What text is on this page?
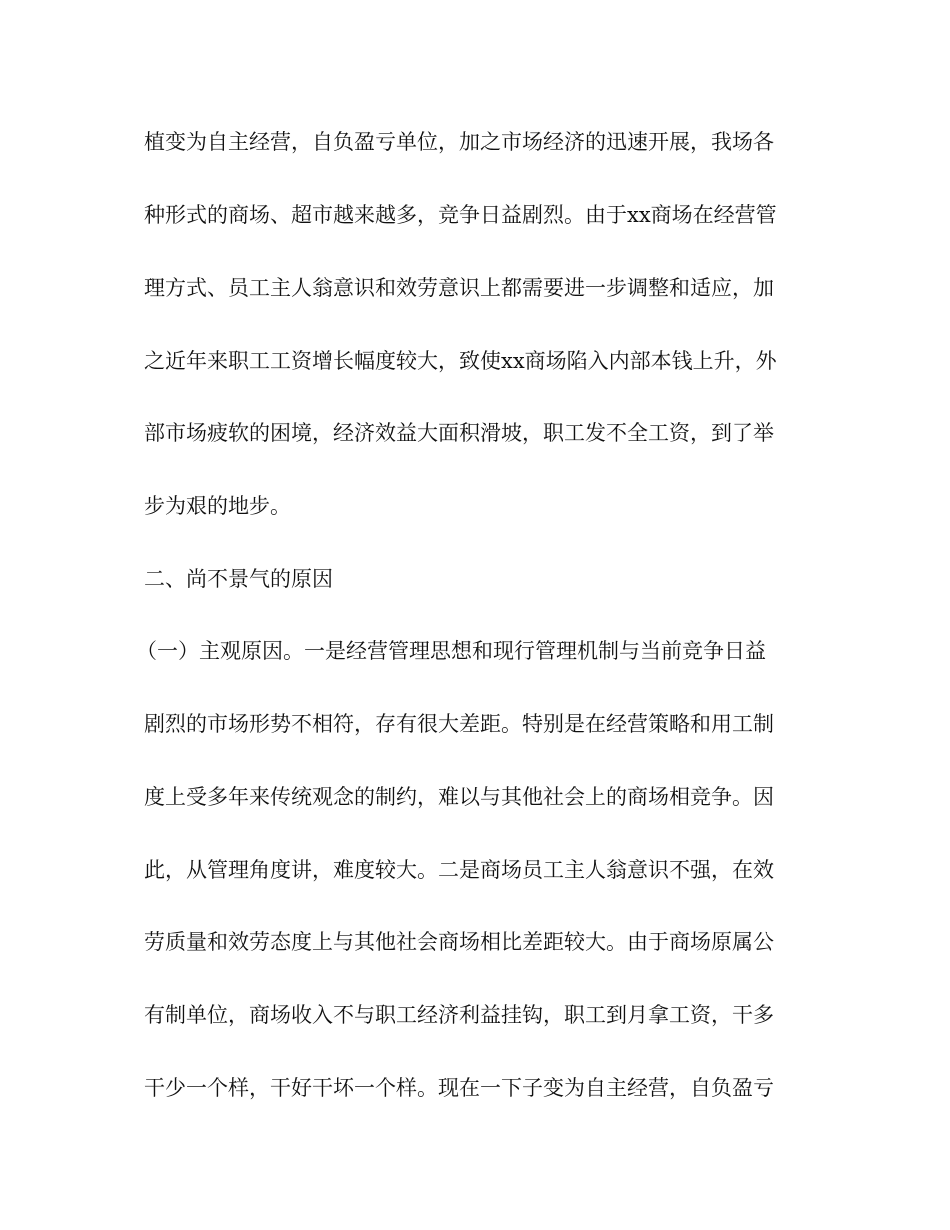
植变为自主经营，自负盈亏单位，加之市场经济的迅速开展，我场各
种形式的商场、超市越来越多，竞争日益剧烈。由于xx商场在经营管
理方式、员工主人翁意识和效劳意识上都需要进一步调整和适应，加
之近年来职工工资增长幅度较大，致使xx商场陷入内部本钱上升，外
部市场疲软的困境，经济效益大面积滑坡，职工发不全工资，到了举
步为艰的地步。
二、尚不景气的原因
（一）主观原因。一是经营管理思想和现行管理机制与当前竞争日益
剧烈的市场形势不相符，存有很大差距。特别是在经营策略和用工制
度上受多年来传统观念的制约，难以与其他社会上的商场相竞争。因
此，从管理角度讲，难度较大。二是商场员工主人翁意识不强，在效
劳质量和效劳态度上与其他社会商场相比差距较大。由于商场原属公
有制单位，商场收入不与职工经济利益挂钩，职工到月拿工资，干多
干少一个样，干好干坏一个样。现在一下子变为自主经营，自负盈亏
